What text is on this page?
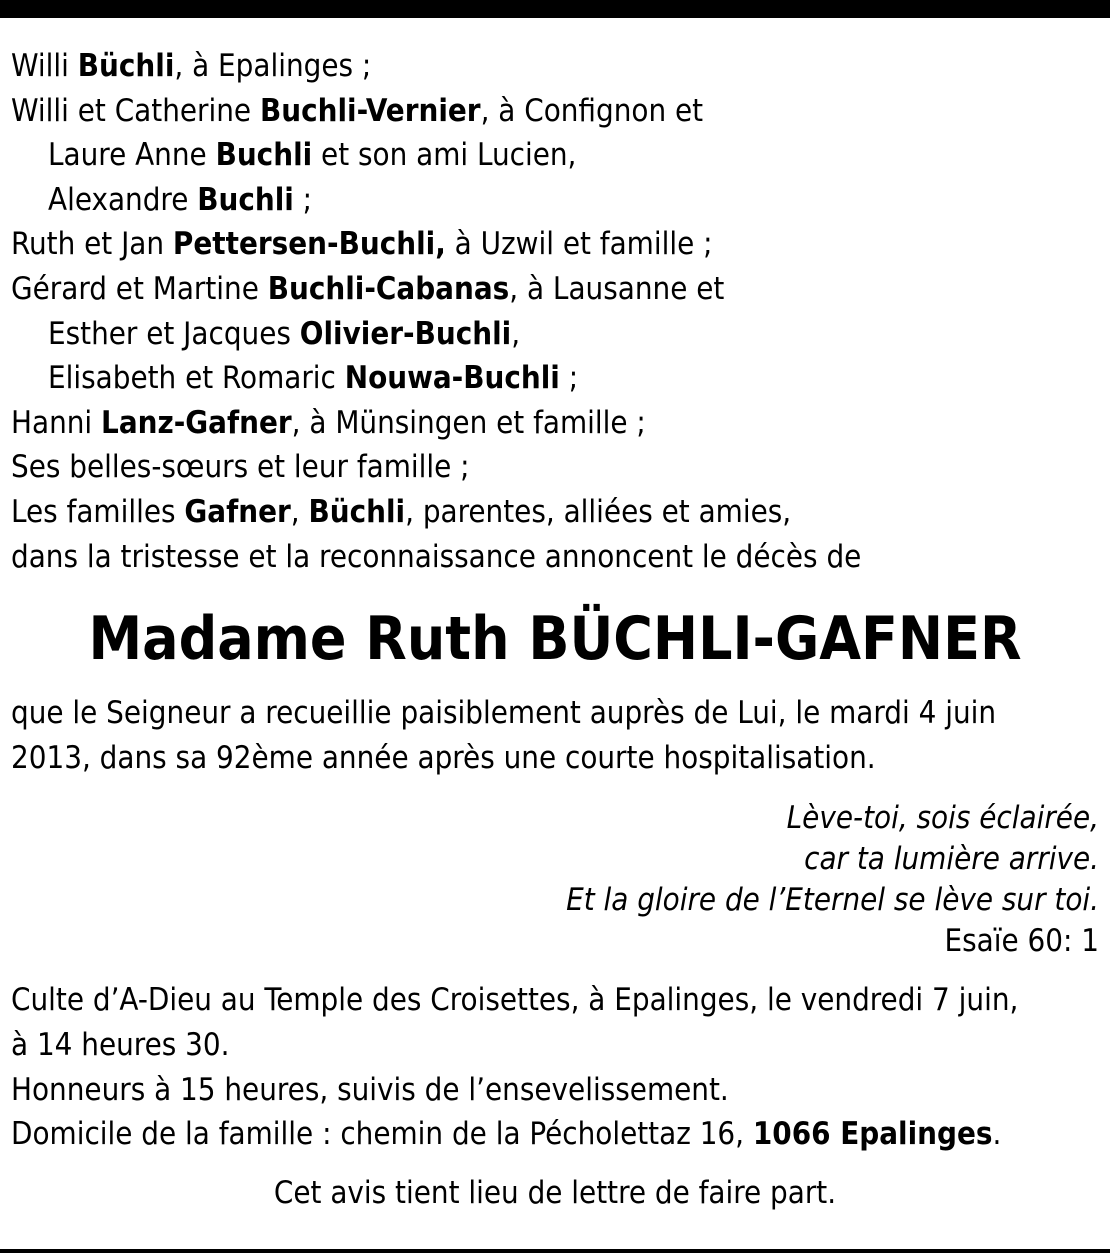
Willi Büchli, à Epalinges ;
Willi et Catherine Buchli-Vernier, à Confignon et
Laure Anne Buchli et son ami Lucien,
Alexandre Buchli ;
Ruth et Jan Pettersen-Buchli, à Uzwil et famille ;
Gérard et Martine Buchli-Cabanas, à Lausanne et
Esther et Jacques Olivier-Buchli,
Elisabeth et Romaric Nouwa-Buchli ;
Hanni Lanz-Gafner, à Münsingen et famille ;
Ses belles-sœurs et leur famille ;
Les familles Gafner, Büchli, parentes, alliées et amies,
dans la tristesse et la reconnaissance annoncent le décès de
Madame Ruth BÜCHLI-GAFNER
que le Seigneur a recueillie paisiblement auprès de Lui, le mardi 4 juin
2013, dans sa 92ème année après une courte hospitalisation.
Lève-toi, sois éclairée,
car ta lumière arrive.
Et la gloire de l’Eternel se lève sur toi.
Esaïe 60: 1
Culte d’A-Dieu au Temple des Croisettes, à Epalinges, le vendredi 7 juin,
à 14 heures 30.
Honneurs à 15 heures, suivis de l’ensevelissement.
Domicile de la famille : chemin de la Pécholettaz 16, 1066 Epalinges.
Cet avis tient lieu de lettre de faire part.
